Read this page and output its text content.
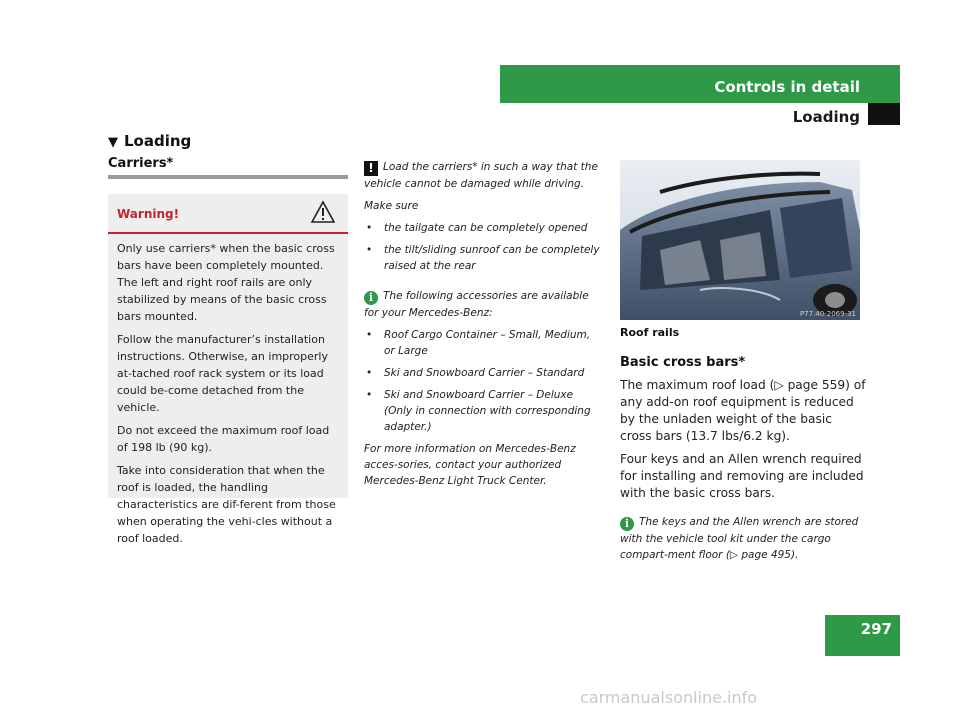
Controls in detail
Loading
▼ Loading
Carriers*
Warning!

Only use carriers* when the basic cross bars have been completely mounted. The left and right roof rails are only stabilized by means of the basic cross bars mounted.

Follow the manufacturer’s installation instructions. Otherwise, an improperly at-tached roof rack system or its load could be-come detached from the vehicle.

Do not exceed the maximum roof load of 198 lb (90 kg).

Take into consideration that when the roof is loaded, the handling characteristics are dif-ferent from those when operating the vehi-cles without a roof loaded.

! Load the carriers* in such a way that the vehicle cannot be damaged while driving.

Make sure

• the tailgate can be completely opened

• the tilt/sliding sunroof can be completely raised at the rear

i The following accessories are available for your Mercedes-Benz:

• Roof Cargo Container – Small, Medium, or Large

• Ski and Snowboard Carrier – Standard

• Ski and Snowboard Carrier – Deluxe (Only in connection with corresponding adapter.)

For more information on Mercedes-Benz acces-sories, contact your authorized Mercedes-Benz Light Truck Center.

P77.40-2069-31
Roof rails
Basic cross bars*

The maximum roof load (▷ page 559) of any add-on roof equipment is reduced by the unladen weight of the basic cross bars (13.7 lbs/6.2 kg).

Four keys and an Allen wrench required for installing and removing are included with the basic cross bars.

i The keys and the Allen wrench are stored with the vehicle tool kit under the cargo compart-ment floor (▷ page 495).
297
carmanualsonline.info
